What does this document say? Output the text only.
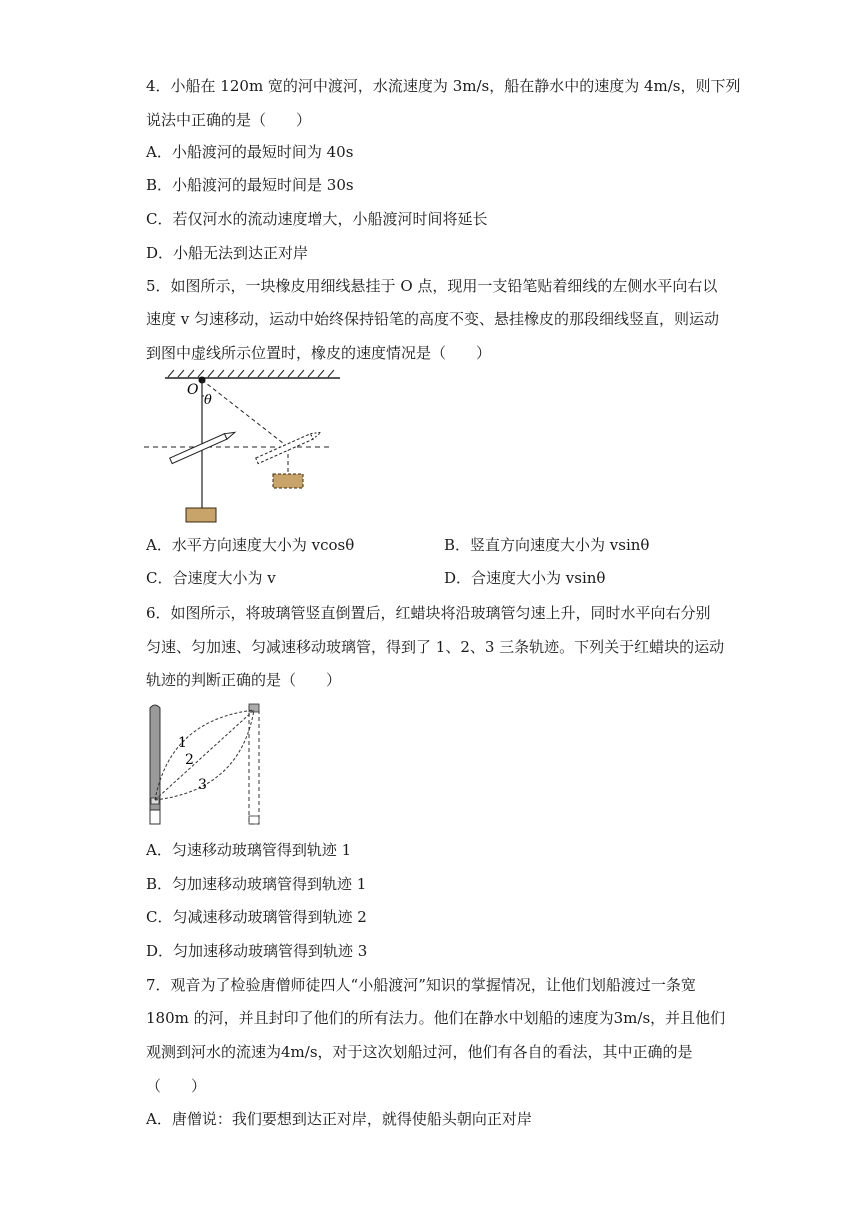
4．小船在 120m 宽的河中渡河，水流速度为 3m/s，船在静水中的速度为 4m/s，则下列
说法中正确的是（　　）
A．小船渡河的最短时间为 40s
B．小船渡河的最短时间是 30s
C．若仅河水的流动速度增大，小船渡河时间将延长
D．小船无法到达正对岸
5．如图所示，一块橡皮用细线悬挂于 O 点，现用一支铅笔贴着细线的左侧水平向右以
速度 v 匀速移动，运动中始终保持铅笔的高度不变、悬挂橡皮的那段细线竖直，则运动
到图中虚线所示位置时，橡皮的速度情况是（　　）
O
θ
A．水平方向速度大小为 vcosθ	B．竖直方向速度大小为 vsinθ
C．合速度大小为 v	D．合速度大小为 vsinθ
6．如图所示，将玻璃管竖直倒置后，红蜡块将沿玻璃管匀速上升，同时水平向右分别
匀速、匀加速、匀减速移动玻璃管，得到了 1、2、3 三条轨迹。下列关于红蜡块的运动
轨迹的判断正确的是（　　）
1
2
3
A．匀速移动玻璃管得到轨迹 1
B．匀加速移动玻璃管得到轨迹 1
C．匀减速移动玻璃管得到轨迹 2
D．匀加速移动玻璃管得到轨迹 3
7．观音为了检验唐僧师徒四人“小船渡河”知识的掌握情况，让他们划船渡过一条宽
180m 的河，并且封印了他们的所有法力。他们在静水中划船的速度为3m/s，并且他们
观测到河水的流速为4m/s，对于这次划船过河，他们有各自的看法，其中正确的是
（　　）
A．唐僧说：我们要想到达正对岸，就得使船头朝向正对岸
